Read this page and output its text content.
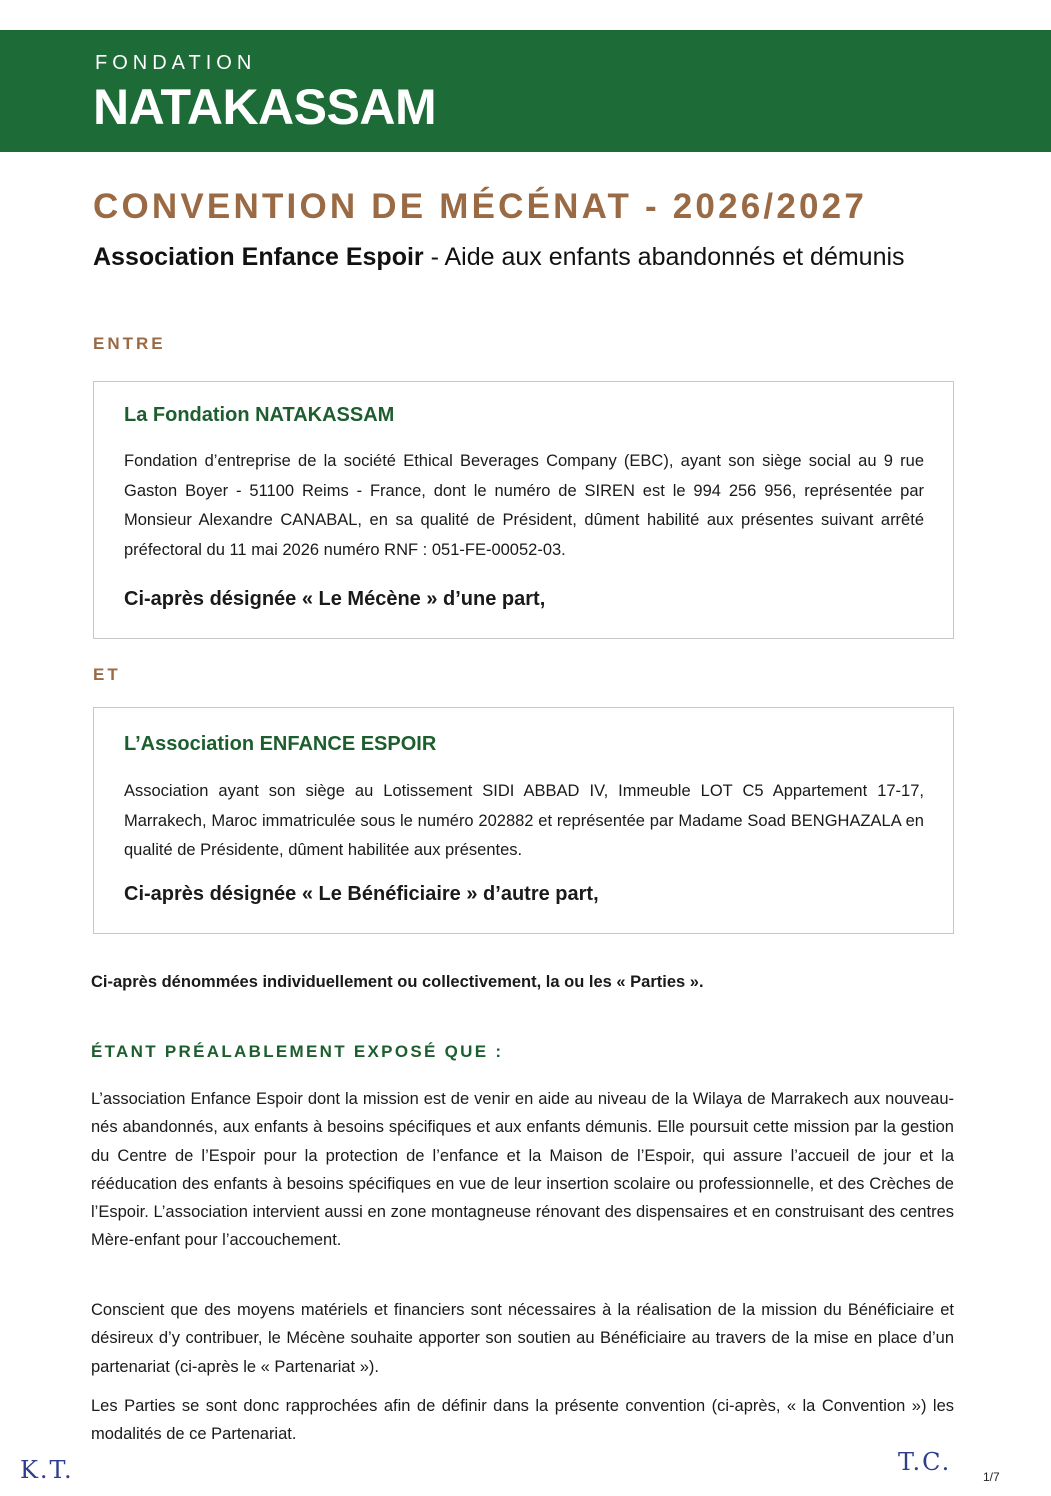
FONDATION
NATAKASSAM
CONVENTION DE MÉCÉNAT - 2026/2027
Association Enfance Espoir - Aide aux enfants abandonnés et démunis
ENTRE
La Fondation NATAKASSAM
Fondation d’entreprise de la société Ethical Beverages Company (EBC), ayant son siège social au 9 rue Gaston Boyer - 51100 Reims - France, dont le numéro de SIREN est le 994 256 956, représentée par Monsieur Alexandre CANABAL, en sa qualité de Président, dûment habilité aux présentes suivant arrêté préfectoral du 11 mai 2026 numéro RNF : 051-FE-00052-03.
Ci-après désignée « Le Mécène » d’une part,
ET
L’Association ENFANCE ESPOIR
Association ayant son siège au Lotissement SIDI ABBAD IV, Immeuble LOT C5 Appartement 17-17, Marrakech, Maroc immatriculée sous le numéro 202882 et représentée par Madame Soad BENGHAZALA en qualité de Présidente, dûment habilitée aux présentes.
Ci-après désignée « Le Bénéficiaire » d’autre part,
Ci-après dénommées individuellement ou collectivement, la ou les « Parties ».
ÉTANT PRÉALABLEMENT EXPOSÉ QUE :
L’association Enfance Espoir dont la mission est de venir en aide au niveau de la Wilaya de Marrakech aux nouveau-nés abandonnés, aux enfants à besoins spécifiques et aux enfants démunis. Elle poursuit cette mission par la gestion du Centre de l’Espoir pour la protection de l’enfance et la Maison de l’Espoir, qui assure l’accueil de jour et la rééducation des enfants à besoins spécifiques en vue de leur insertion scolaire ou professionnelle, et des Crèches de l’Espoir. L’association intervient aussi en zone montagneuse rénovant des dispensaires et en construisant des centres Mère-enfant pour l’accouchement.
Conscient que des moyens matériels et financiers sont nécessaires à la réalisation de la mission du Bénéficiaire et désireux d’y contribuer, le Mécène souhaite apporter son soutien au Bénéficiaire au travers de la mise en place d’un partenariat (ci-après le « Partenariat »).
Les Parties se sont donc rapprochées afin de définir dans la présente convention (ci-après, « la Convention ») les modalités de ce Partenariat.
K.T.	T.C.
1/7
